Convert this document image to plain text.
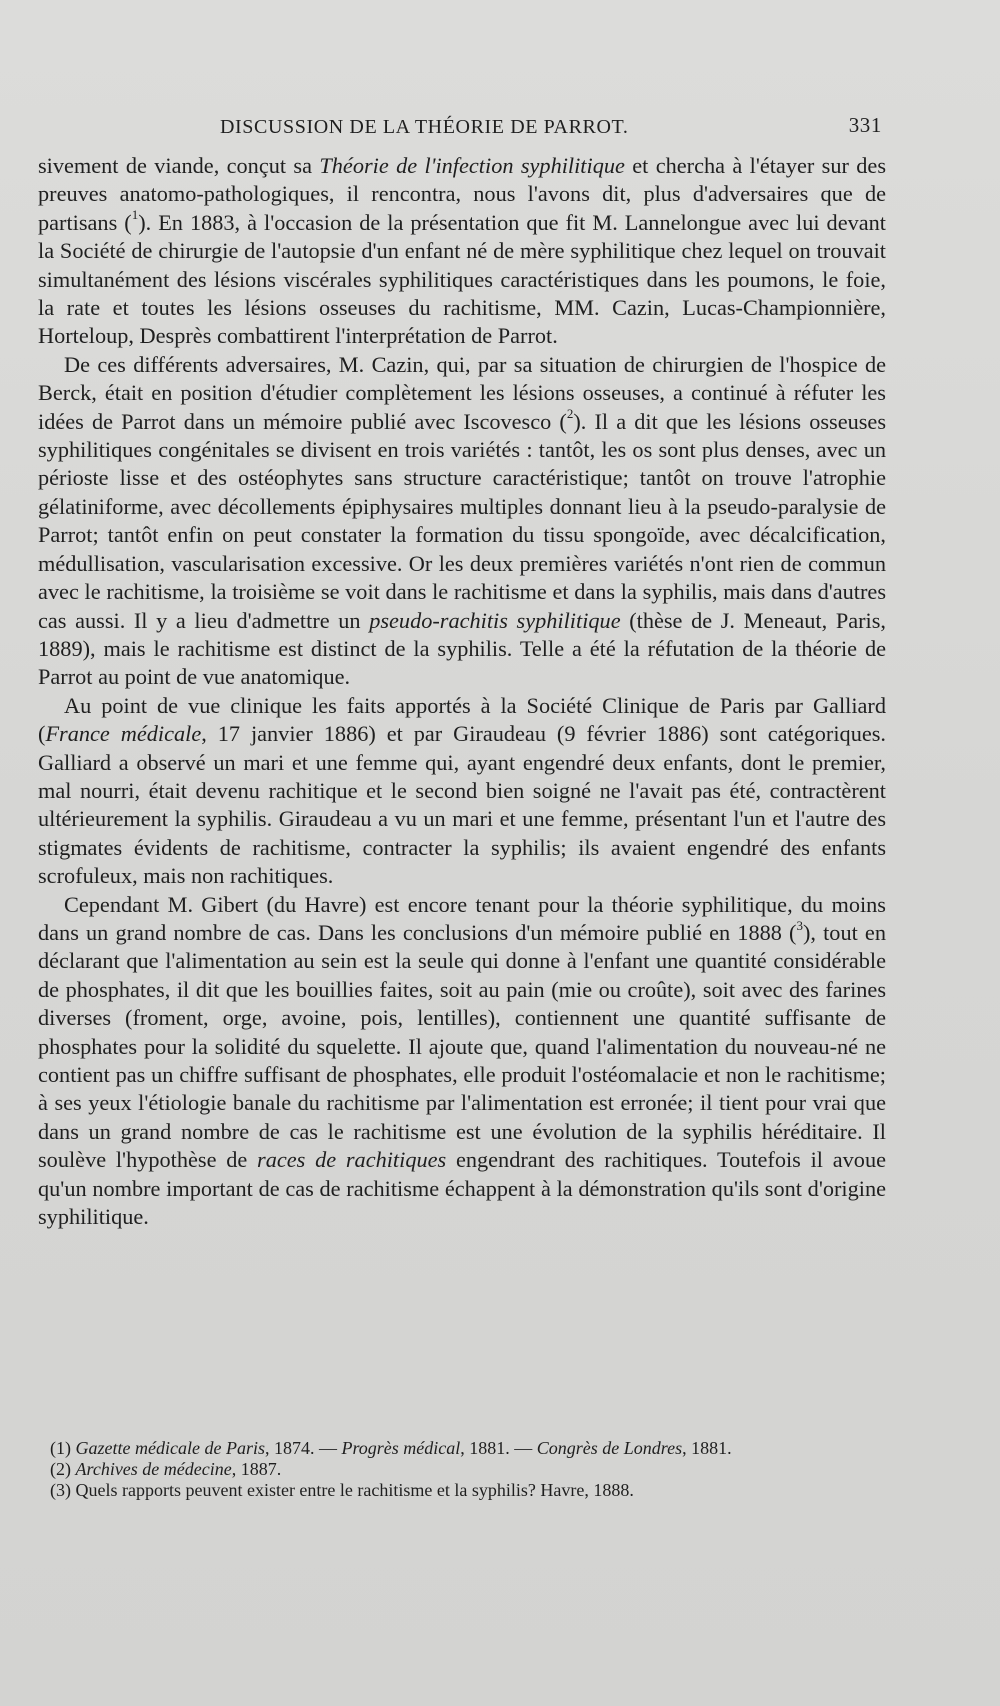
DISCUSSION DE LA THÉORIE DE PARROT.	331

sivement de viande, conçut sa Théorie de l'infection syphilitique et chercha à l'étayer sur des preuves anatomo-pathologiques, il rencontra, nous l'avons dit, plus d'adversaires que de partisans ($^1$). En 1883, à l'occasion de la présentation que fit M. Lannelongue avec lui devant la Société de chirurgie de l'autopsie d'un enfant né de mère syphilitique chez lequel on trouvait simultanément des lésions viscérales syphilitiques caractéristiques dans les poumons, le foie, la rate et toutes les lésions osseuses du rachitisme, MM. Cazin, Lucas-Championnière, Horteloup, Desprès combattirent l'interprétation de Parrot.

De ces différents adversaires, M. Cazin, qui, par sa situation de chirurgien de l'hospice de Berck, était en position d'étudier complètement les lésions osseuses, a continué à réfuter les idées de Parrot dans un mémoire publié avec Iscovesco ($^2$). Il a dit que les lésions osseuses syphilitiques congénitales se divisent en trois variétés : tantôt, les os sont plus denses, avec un périoste lisse et des ostéophytes sans structure caractéristique; tantôt on trouve l'atrophie gélatiniforme, avec décollements épiphysaires multiples donnant lieu à la pseudo-paralysie de Parrot; tantôt enfin on peut constater la formation du tissu spongoïde, avec décalcification, médullisation, vascularisation excessive. Or les deux premières variétés n'ont rien de commun avec le rachitisme, la troisième se voit dans le rachitisme et dans la syphilis, mais dans d'autres cas aussi. Il y a lieu d'admettre un pseudo-rachitis syphilitique (thèse de J. Meneaut, Paris, 1889), mais le rachitisme est distinct de la syphilis. Telle a été la réfutation de la théorie de Parrot au point de vue anatomique.

Au point de vue clinique les faits apportés à la Société Clinique de Paris par Galliard (France médicale, 17 janvier 1886) et par Giraudeau (9 février 1886) sont catégoriques. Galliard a observé un mari et une femme qui, ayant engendré deux enfants, dont le premier, mal nourri, était devenu rachitique et le second bien soigné ne l'avait pas été, contractèrent ultérieurement la syphilis. Giraudeau a vu un mari et une femme, présentant l'un et l'autre des stigmates évidents de rachitisme, contracter la syphilis; ils avaient engendré des enfants scrofuleux, mais non rachitiques.

Cependant M. Gibert (du Havre) est encore tenant pour la théorie syphilitique, du moins dans un grand nombre de cas. Dans les conclusions d'un mémoire publié en 1888 ($^3$), tout en déclarant que l'alimentation au sein est la seule qui donne à l'enfant une quantité considérable de phosphates, il dit que les bouillies faites, soit au pain (mie ou croûte), soit avec des farines diverses (froment, orge, avoine, pois, lentilles), contiennent une quantité suffisante de phosphates pour la solidité du squelette. Il ajoute que, quand l'alimentation du nouveau-né ne contient pas un chiffre suffisant de phosphates, elle produit l'ostéomalacie et non le rachitisme; à ses yeux l'étiologie banale du rachitisme par l'alimentation est erronée; il tient pour vrai que dans un grand nombre de cas le rachitisme est une évolution de la syphilis héréditaire. Il soulève l'hypothèse de races de rachitiques engendrant des rachitiques. Toutefois il avoue qu'un nombre important de cas de rachitisme échappent à la démonstration qu'ils sont d'origine syphilitique.

(1) Gazette médicale de Paris, 1874. — Progrès médical, 1881. — Congrès de Londres, 1881.
(2) Archives de médecine, 1887.
(3) Quels rapports peuvent exister entre le rachitisme et la syphilis? Havre, 1888.
